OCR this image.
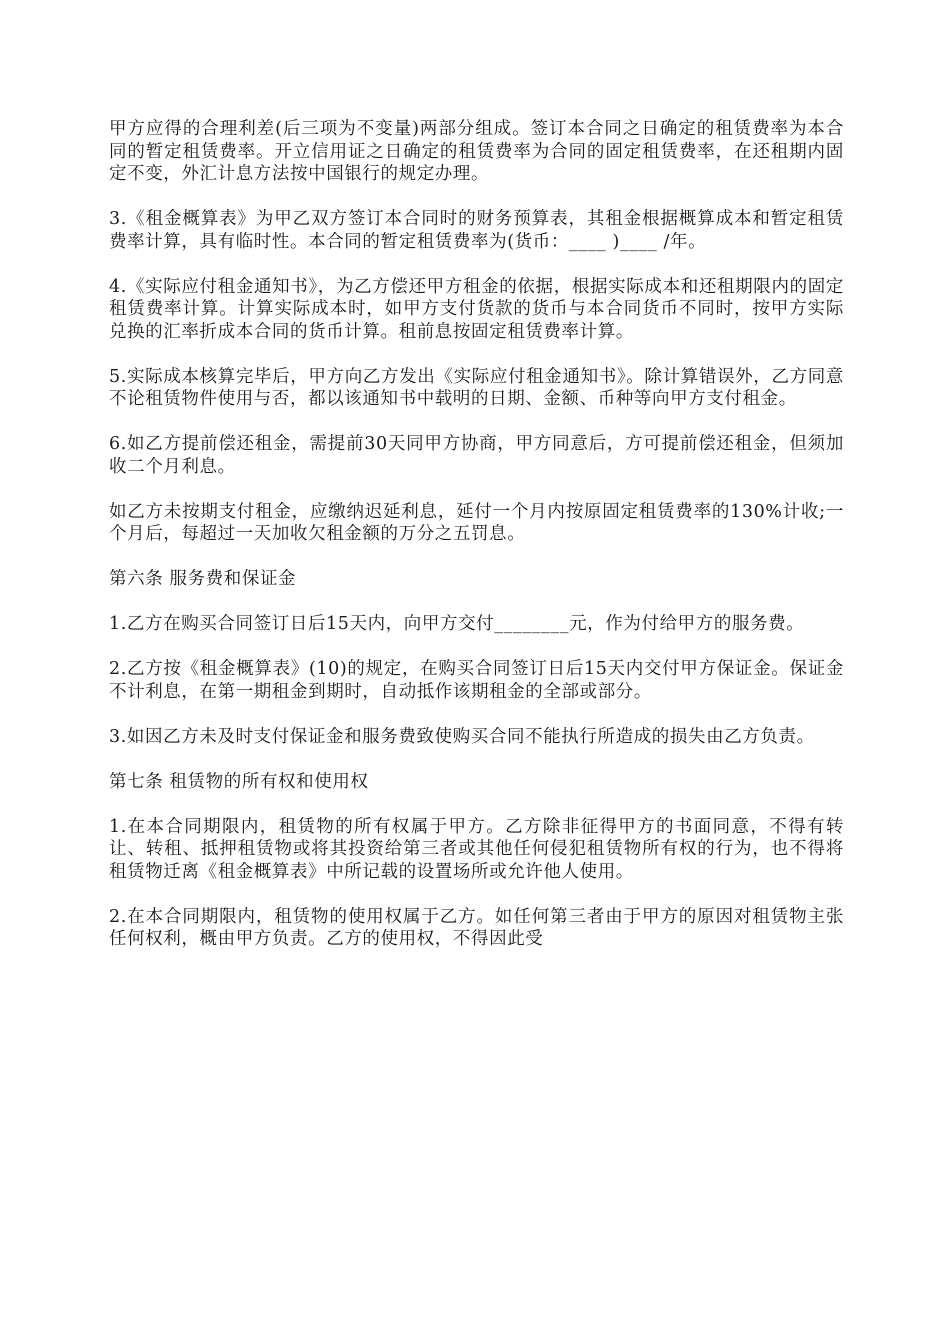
甲方应得的合理利差(后三项为不变量)两部分组成。签订本合同之日确定的租赁费率为本合同的暂定租赁费率。开立信用证之日确定的租赁费率为合同的固定租赁费率，在还租期内固定不变，外汇计息方法按中国银行的规定办理。

3.《租金概算表》为甲乙双方签订本合同时的财务预算表，其租金根据概算成本和暂定租赁费率计算，具有临时性。本合同的暂定租赁费率为(货币：____ )____ /年。

4.《实际应付租金通知书》，为乙方偿还甲方租金的依据，根据实际成本和还租期限内的固定租赁费率计算。计算实际成本时，如甲方支付货款的货币与本合同货币不同时，按甲方实际兑换的汇率折成本合同的货币计算。租前息按固定租赁费率计算。

5.实际成本核算完毕后，甲方向乙方发出《实际应付租金通知书》。除计算错误外，乙方同意不论租赁物件使用与否，都以该通知书中载明的日期、金额、币种等向甲方支付租金。

6.如乙方提前偿还租金，需提前30天同甲方协商，甲方同意后，方可提前偿还租金，但须加收二个月利息。

如乙方未按期支付租金，应缴纳迟延利息，延付一个月内按原固定租赁费率的130%计收;一个月后，每超过一天加收欠租金额的万分之五罚息。

第六条 服务费和保证金

1.乙方在购买合同签订日后15天内，向甲方交付________元，作为付给甲方的服务费。

2.乙方按《租金概算表》(10)的规定，在购买合同签订日后15天内交付甲方保证金。保证金不计利息，在第一期租金到期时，自动抵作该期租金的全部或部分。

3.如因乙方未及时支付保证金和服务费致使购买合同不能执行所造成的损失由乙方负责。

第七条 租赁物的所有权和使用权

1.在本合同期限内，租赁物的所有权属于甲方。乙方除非征得甲方的书面同意，不得有转让、转租、抵押租赁物或将其投资给第三者或其他任何侵犯租赁物所有权的行为，也不得将租赁物迁离《租金概算表》中所记载的设置场所或允许他人使用。

2.在本合同期限内，租赁物的使用权属于乙方。如任何第三者由于甲方的原因对租赁物主张任何权利，概由甲方负责。乙方的使用权，不得因此受
